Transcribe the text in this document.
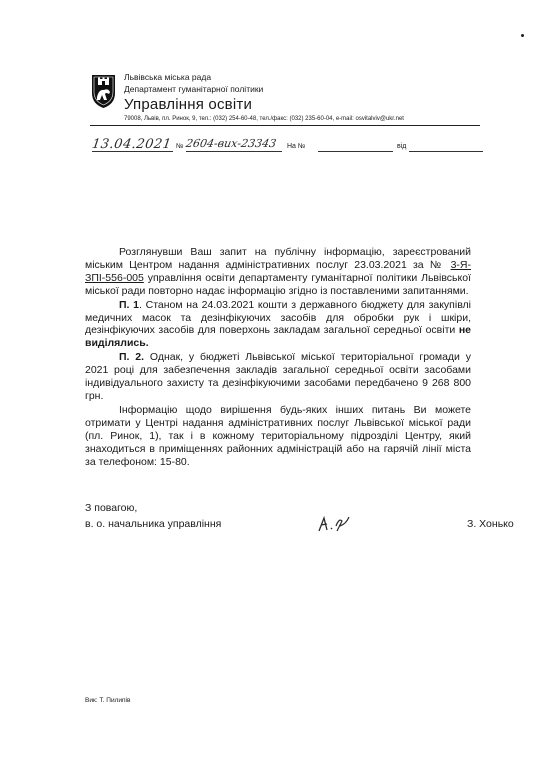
Львівська міська рада
Департамент гуманітарної політики
Управління освіти
79008, Львів, пл. Ринок, 9, тел.: (032) 254-60-48, тел./факс: (032) 235-60-04, e-mail: osvitalviv@ukr.net
13.04.2021 № 2604-вих-23343 На №	від

Розглянувши Ваш запит на публічну інформацію, зареєстрований міським Центром надання адміністративних послуг 23.03.2021 за № 3-Я-ЗПІ-556-005 управління освіти департаменту гуманітарної політики Львівської міської ради повторно надає інформацію згідно із поставленими запитаннями.

П. 1. Станом на 24.03.2021 кошти з державного бюджету для закупівлі медичних масок та дезінфікуючих засобів для обробки рук і шкіри, дезінфікуючих засобів для поверхонь закладам загальної середньої освіти не виділялись.

П. 2. Однак, у бюджеті Львівської міської територіальної громади у 2021 році для забезпечення закладів загальної середньої освіти засобами індивідуального захисту та дезінфікуючими засобами передбачено 9 268 800 грн.

Інформацію щодо вирішення будь-яких інших питань Ви можете отримати у Центрі надання адміністративних послуг Львівської міської ради (пл. Ринок, 1), так і в кожному територіальному підрозділі Центру, який знаходиться в приміщеннях районних адміністрацій або на гарячій лінії міста за телефоном: 15-80.

З повагою,
в. о. начальника управління	З. Хонько
Вик: Т. Пилипів
